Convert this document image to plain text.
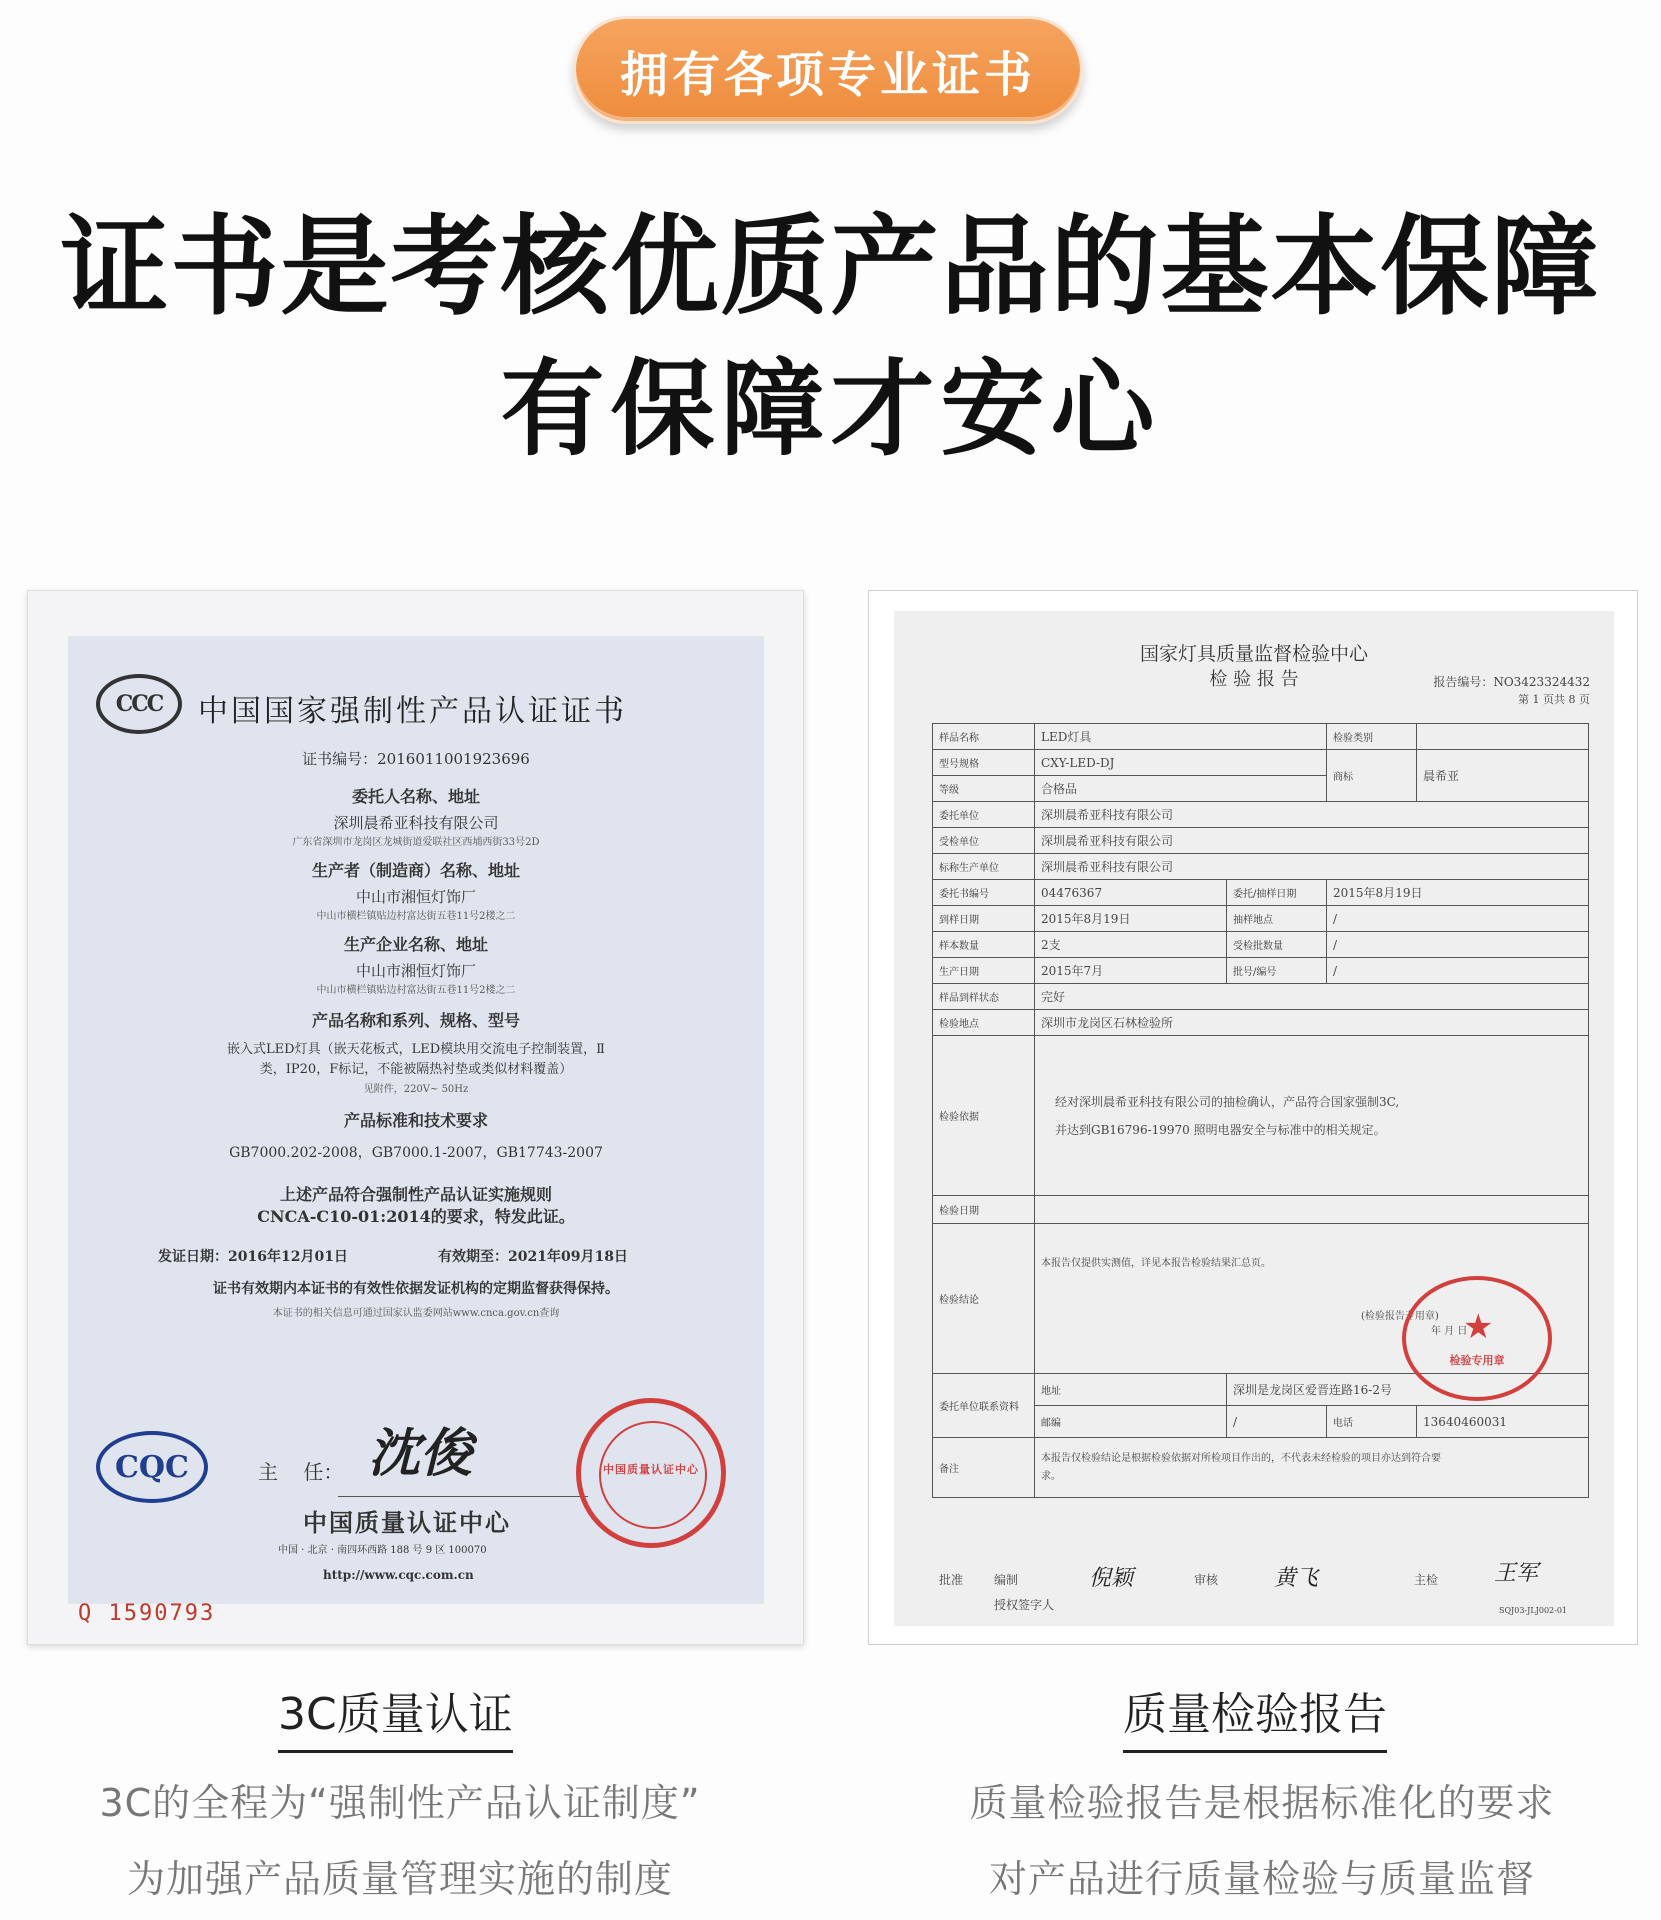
拥有各项专业证书
证书是考核优质产品的基本保障
有保障才安心
CCC	中国国家强制性产品认证证书
证书编号：2016011001923696
委托人名称、地址
深圳晨希亚科技有限公司
广东省深圳市龙岗区龙城街道爱联社区西埔西街33号2D
生产者（制造商）名称、地址
中山市湘恒灯饰厂
中山市横栏镇贴边村富达街五巷11号2楼之二
生产企业名称、地址
中山市湘恒灯饰厂
中山市横栏镇贴边村富达街五巷11号2楼之二
产品名称和系列、规格、型号
嵌入式LED灯具（嵌天花板式，LED模块用交流电子控制装置，Ⅱ
类，IP20，F标记，不能被隔热衬垫或类似材料覆盖）
见附件，220V~ 50Hz
产品标准和技术要求
GB7000.202-2008，GB7000.1-2007，GB17743-2007
上述产品符合强制性产品认证实施规则
CNCA-C10-01:2014的要求，特发此证。
发证日期：2016年12月01日	有效期至：2021年09月18日
证书有效期内本证书的有效性依据发证机构的定期监督获得保持。
本证书的相关信息可通过国家认监委网站www.cnca.gov.cn查询
CQC	主    任： 沈俊
中国质量认证中心
中国 · 北京 · 南四环西路 188 号 9 区 100070
http://www.cqc.com.cn
中国质量认证中心
Q 1590793
国家灯具质量监督检验中心
检 验 报 告	报告编号：NO3423324432
第 1 页共 8 页
样品名称	LED灯具		检验类别	
型号规格	CXY-LED-DJ		商标	晨希亚
等级	合格品			
委托单位	深圳晨希亚科技有限公司			
受检单位	深圳晨希亚科技有限公司			
标称生产单位	深圳晨希亚科技有限公司			
委托书编号	04476367	委托/抽样日期	2015年8月19日	
到样日期	2015年8月19日	抽样地点	/	
样本数量	2支	受检批数量	/	
生产日期	2015年7月	批号/编号	/	
样品到样状态	完好			
检验地点	深圳市龙岗区石林检验所			
检验依据	经对深圳晨希亚科技有限公司的抽检确认，产品符合国家强制3C,
并达到GB16796-19970 照明电器安全与标准中的相关规定。			

检验日期				
检验结论	本报告仅提供实测值，详见本报告检验结果汇总页。
(检验报告专用章)
年 月 日			

委托单位联系资料	地址	深圳是龙岗区爱晋连路16-2号		
	邮编	/	电话	13640460031
备注	本报告仅检验结论是根据检验依据对所检项目作出的，不代表未经检验的项目亦达到符合要
求。			
★
检验专用章
批准	编制	倪颖	审核	黄飞	主检	王军
授权签字人	SQJ03-JLJ002-01
3C质量认证
3C的全程为“强制性产品认证制度”
为加强产品质量管理实施的制度
质量检验报告
质量检验报告是根据标准化的要求
对产品进行质量检验与质量监督
